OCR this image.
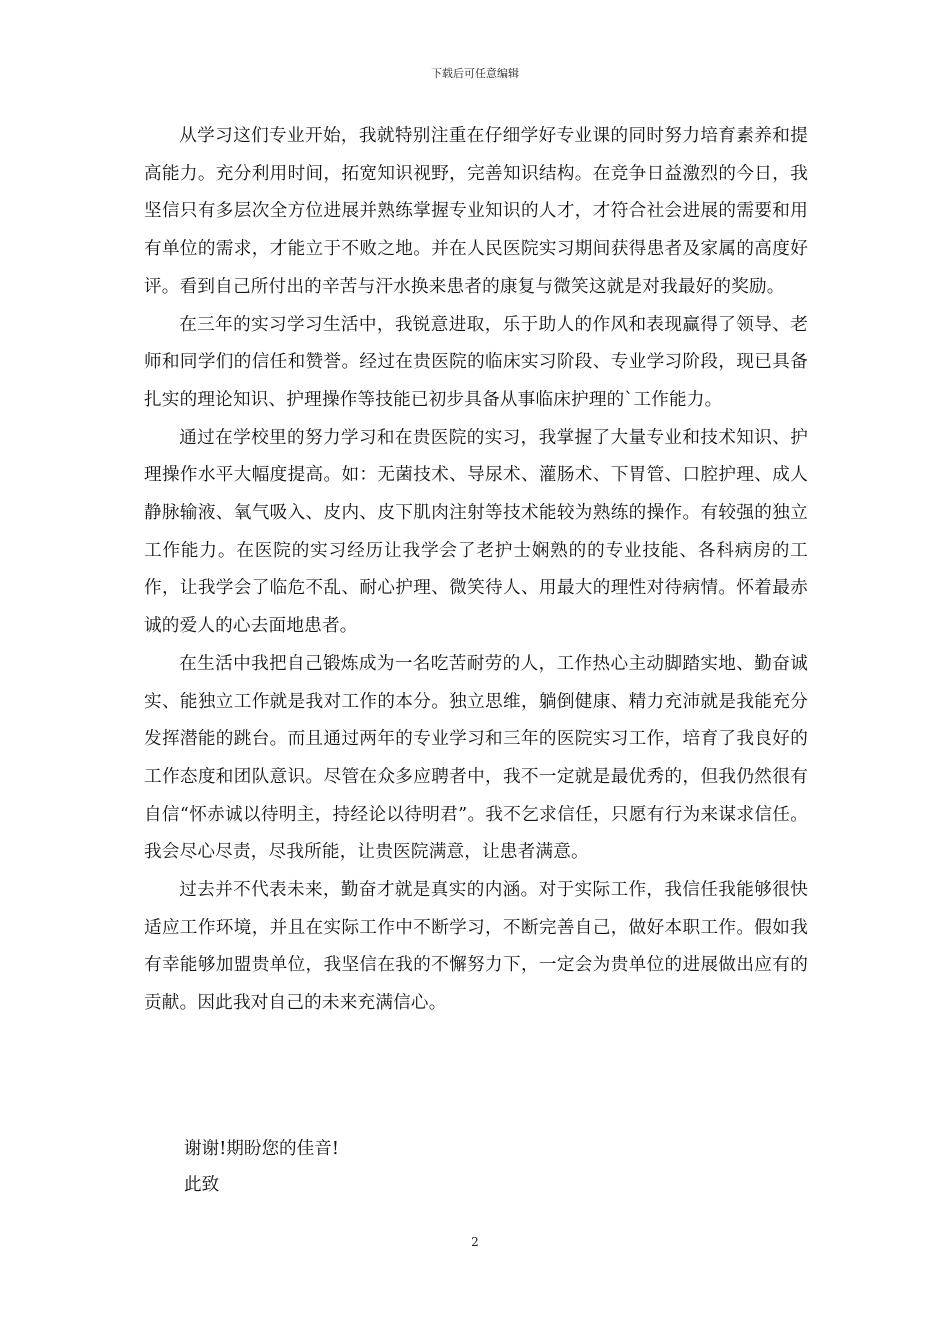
下载后可任意编辑

从学习这们专业开始，我就特别注重在仔细学好专业课的同时努力培育素养和提高能力。充分利用时间，拓宽知识视野，完善知识结构。在竞争日益激烈的今日，我坚信只有多层次全方位进展并熟练掌握专业知识的人才，才符合社会进展的需要和用有单位的需求，才能立于不败之地。并在人民医院实习期间获得患者及家属的高度好评。看到自己所付出的辛苦与汗水换来患者的康复与微笑这就是对我最好的奖励。

在三年的实习学习生活中，我锐意进取，乐于助人的作风和表现赢得了领导、老师和同学们的信任和赞誉。经过在贵医院的临床实习阶段、专业学习阶段，现已具备扎实的理论知识、护理操作等技能已初步具备从事临床护理的`工作能力。

通过在学校里的努力学习和在贵医院的实习，我掌握了大量专业和技术知识、护理操作水平大幅度提高。如：无菌技术、导尿术、灌肠术、下胃管、口腔护理、成人静脉输液、氧气吸入、皮内、皮下肌肉注射等技术能较为熟练的操作。有较强的独立工作能力。在医院的实习经历让我学会了老护士娴熟的的专业技能、各科病房的工作，让我学会了临危不乱、耐心护理、微笑待人、用最大的理性对待病情。怀着最赤诚的爱人的心去面地患者。

在生活中我把自己锻炼成为一名吃苦耐劳的人，工作热心主动脚踏实地、勤奋诚实、能独立工作就是我对工作的本分。独立思维，躺倒健康、精力充沛就是我能充分发挥潜能的跳台。而且通过两年的专业学习和三年的医院实习工作，培育了我良好的工作态度和团队意识。尽管在众多应聘者中，我不一定就是最优秀的，但我仍然很有自信“怀赤诚以待明主，持经论以待明君”。我不乞求信任，只愿有行为来谋求信任。我会尽心尽责，尽我所能，让贵医院满意，让患者满意。

过去并不代表未来，勤奋才就是真实的内涵。对于实际工作，我信任我能够很快适应工作环境，并且在实际工作中不断学习，不断完善自己，做好本职工作。假如我有幸能够加盟贵单位，我坚信在我的不懈努力下，一定会为贵单位的进展做出应有的贡献。因此我对自己的未来充满信心。

谢谢!期盼您的佳音!
此致
2
